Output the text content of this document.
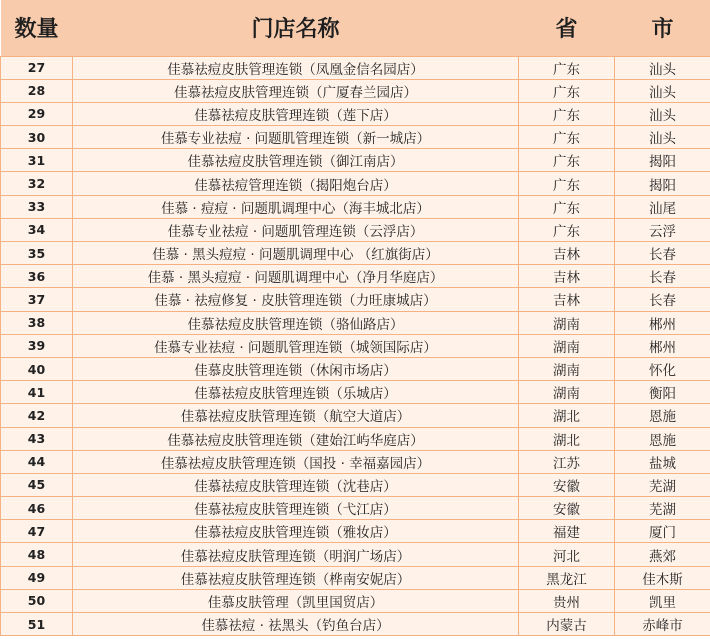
数量	门店名称	省	市
27	佳慕祛痘皮肤管理连锁（凤凰金信名园店）	广东	汕头
28	佳慕祛痘皮肤管理连锁（广厦春兰园店）	广东	汕头
29	佳慕祛痘皮肤管理连锁（莲下店）	广东	汕头
30	佳慕专业祛痘 · 问题肌管理连锁（新一城店）	广东	汕头
31	佳慕祛痘皮肤管理连锁（御江南店）	广东	揭阳
32	佳慕祛痘管理连锁（揭阳炮台店）	广东	揭阳
33	佳慕 · 痘痘 · 问题肌调理中心（海丰城北店）	广东	汕尾
34	佳慕专业祛痘 · 问题肌管理连锁（云浮店）	广东	云浮
35	佳慕 · 黑头痘痘 · 问题肌调理中心 （红旗街店）	吉林	长春
36	佳慕 · 黑头痘痘 · 问题肌调理中心（净月华庭店）	吉林	长春
37	佳慕 · 祛痘修复 · 皮肤管理连锁（力旺康城店）	吉林	长春
38	佳慕祛痘皮肤管理连锁（骆仙路店）	湖南	郴州
39	佳慕专业祛痘 · 问题肌管理连锁（城领国际店）	湖南	郴州
40	佳慕皮肤管理连锁（休闲市场店）	湖南	怀化
41	佳慕祛痘皮肤管理连锁（乐城店）	湖南	衡阳
42	佳慕祛痘皮肤管理连锁（航空大道店）	湖北	恩施
43	佳慕祛痘皮肤管理连锁（建始江屿华庭店）	湖北	恩施
44	佳慕祛痘皮肤管理连锁（国投 · 幸福嘉园店）	江苏	盐城
45	佳慕祛痘皮肤管理连锁（沈巷店）	安徽	芜湖
46	佳慕祛痘皮肤管理连锁（弋江店）	安徽	芜湖
47	佳慕祛痘皮肤管理连锁（雅妆店）	福建	厦门
48	佳慕祛痘皮肤管理连锁（明润广场店）	河北	燕郊
49	佳慕祛痘皮肤管理连锁（桦南安妮店）	黑龙江	佳木斯
50	佳慕皮肤管理（凯里国贸店）	贵州	凯里
51	佳慕祛痘 · 祛黑头（钓鱼台店）	内蒙古	赤峰市
